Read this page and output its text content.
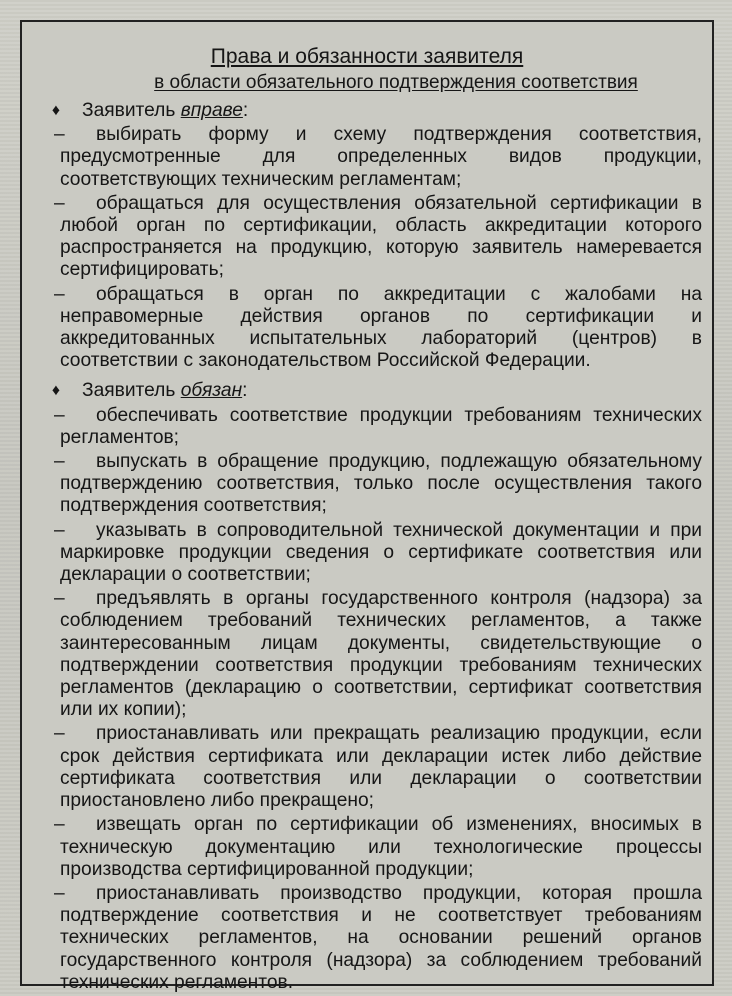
Права и обязанности заявителя
в области обязательного подтверждения соответствия
♦	Заявитель вправе:
–	выбирать форму и схему подтверждения соответствия, предусмотренные для определенных видов продукции, соответствующих техническим регламентам;
–	обращаться для осуществления обязательной сертификации в любой орган по сертификации, область аккредитации которого распространяется на продукцию, которую заявитель намеревается сертифицировать;
–	обращаться в орган по аккредитации с жалобами на неправомерные действия органов по сертификации и аккредитованных испытательных лабораторий (центров) в соответствии с законодательством Российской Федерации.
♦	Заявитель обязан:
–	обеспечивать соответствие продукции требованиям технических регламентов;
–	выпускать в обращение продукцию, подлежащую обязательному подтверждению соответствия, только после осуществления такого подтверждения соответствия;
–	указывать в сопроводительной технической документации и при маркировке продукции сведения о сертификате соответствия или декларации о соответствии;
–	предъявлять в органы государственного контроля (надзора) за соблюдением требований технических регламентов, а также заинтересованным лицам документы, свидетельствующие о подтверждении соответствия продукции требованиям технических регламентов (декларацию о соответствии, сертификат соответствия или их копии);
–	приостанавливать или прекращать реализацию продукции, если срок действия сертификата или декларации истек либо действие сертификата соответствия или декларации о соответствии приостановлено либо прекращено;
–	извещать орган по сертификации об изменениях, вносимых в техническую документацию или технологические процессы производства сертифицированной продукции;
–	приостанавливать производство продукции, которая прошла подтверждение соответствия и не соответствует требованиям технических регламентов, на основании решений органов государственного контроля (надзора) за соблюдением требований технических регламентов.
